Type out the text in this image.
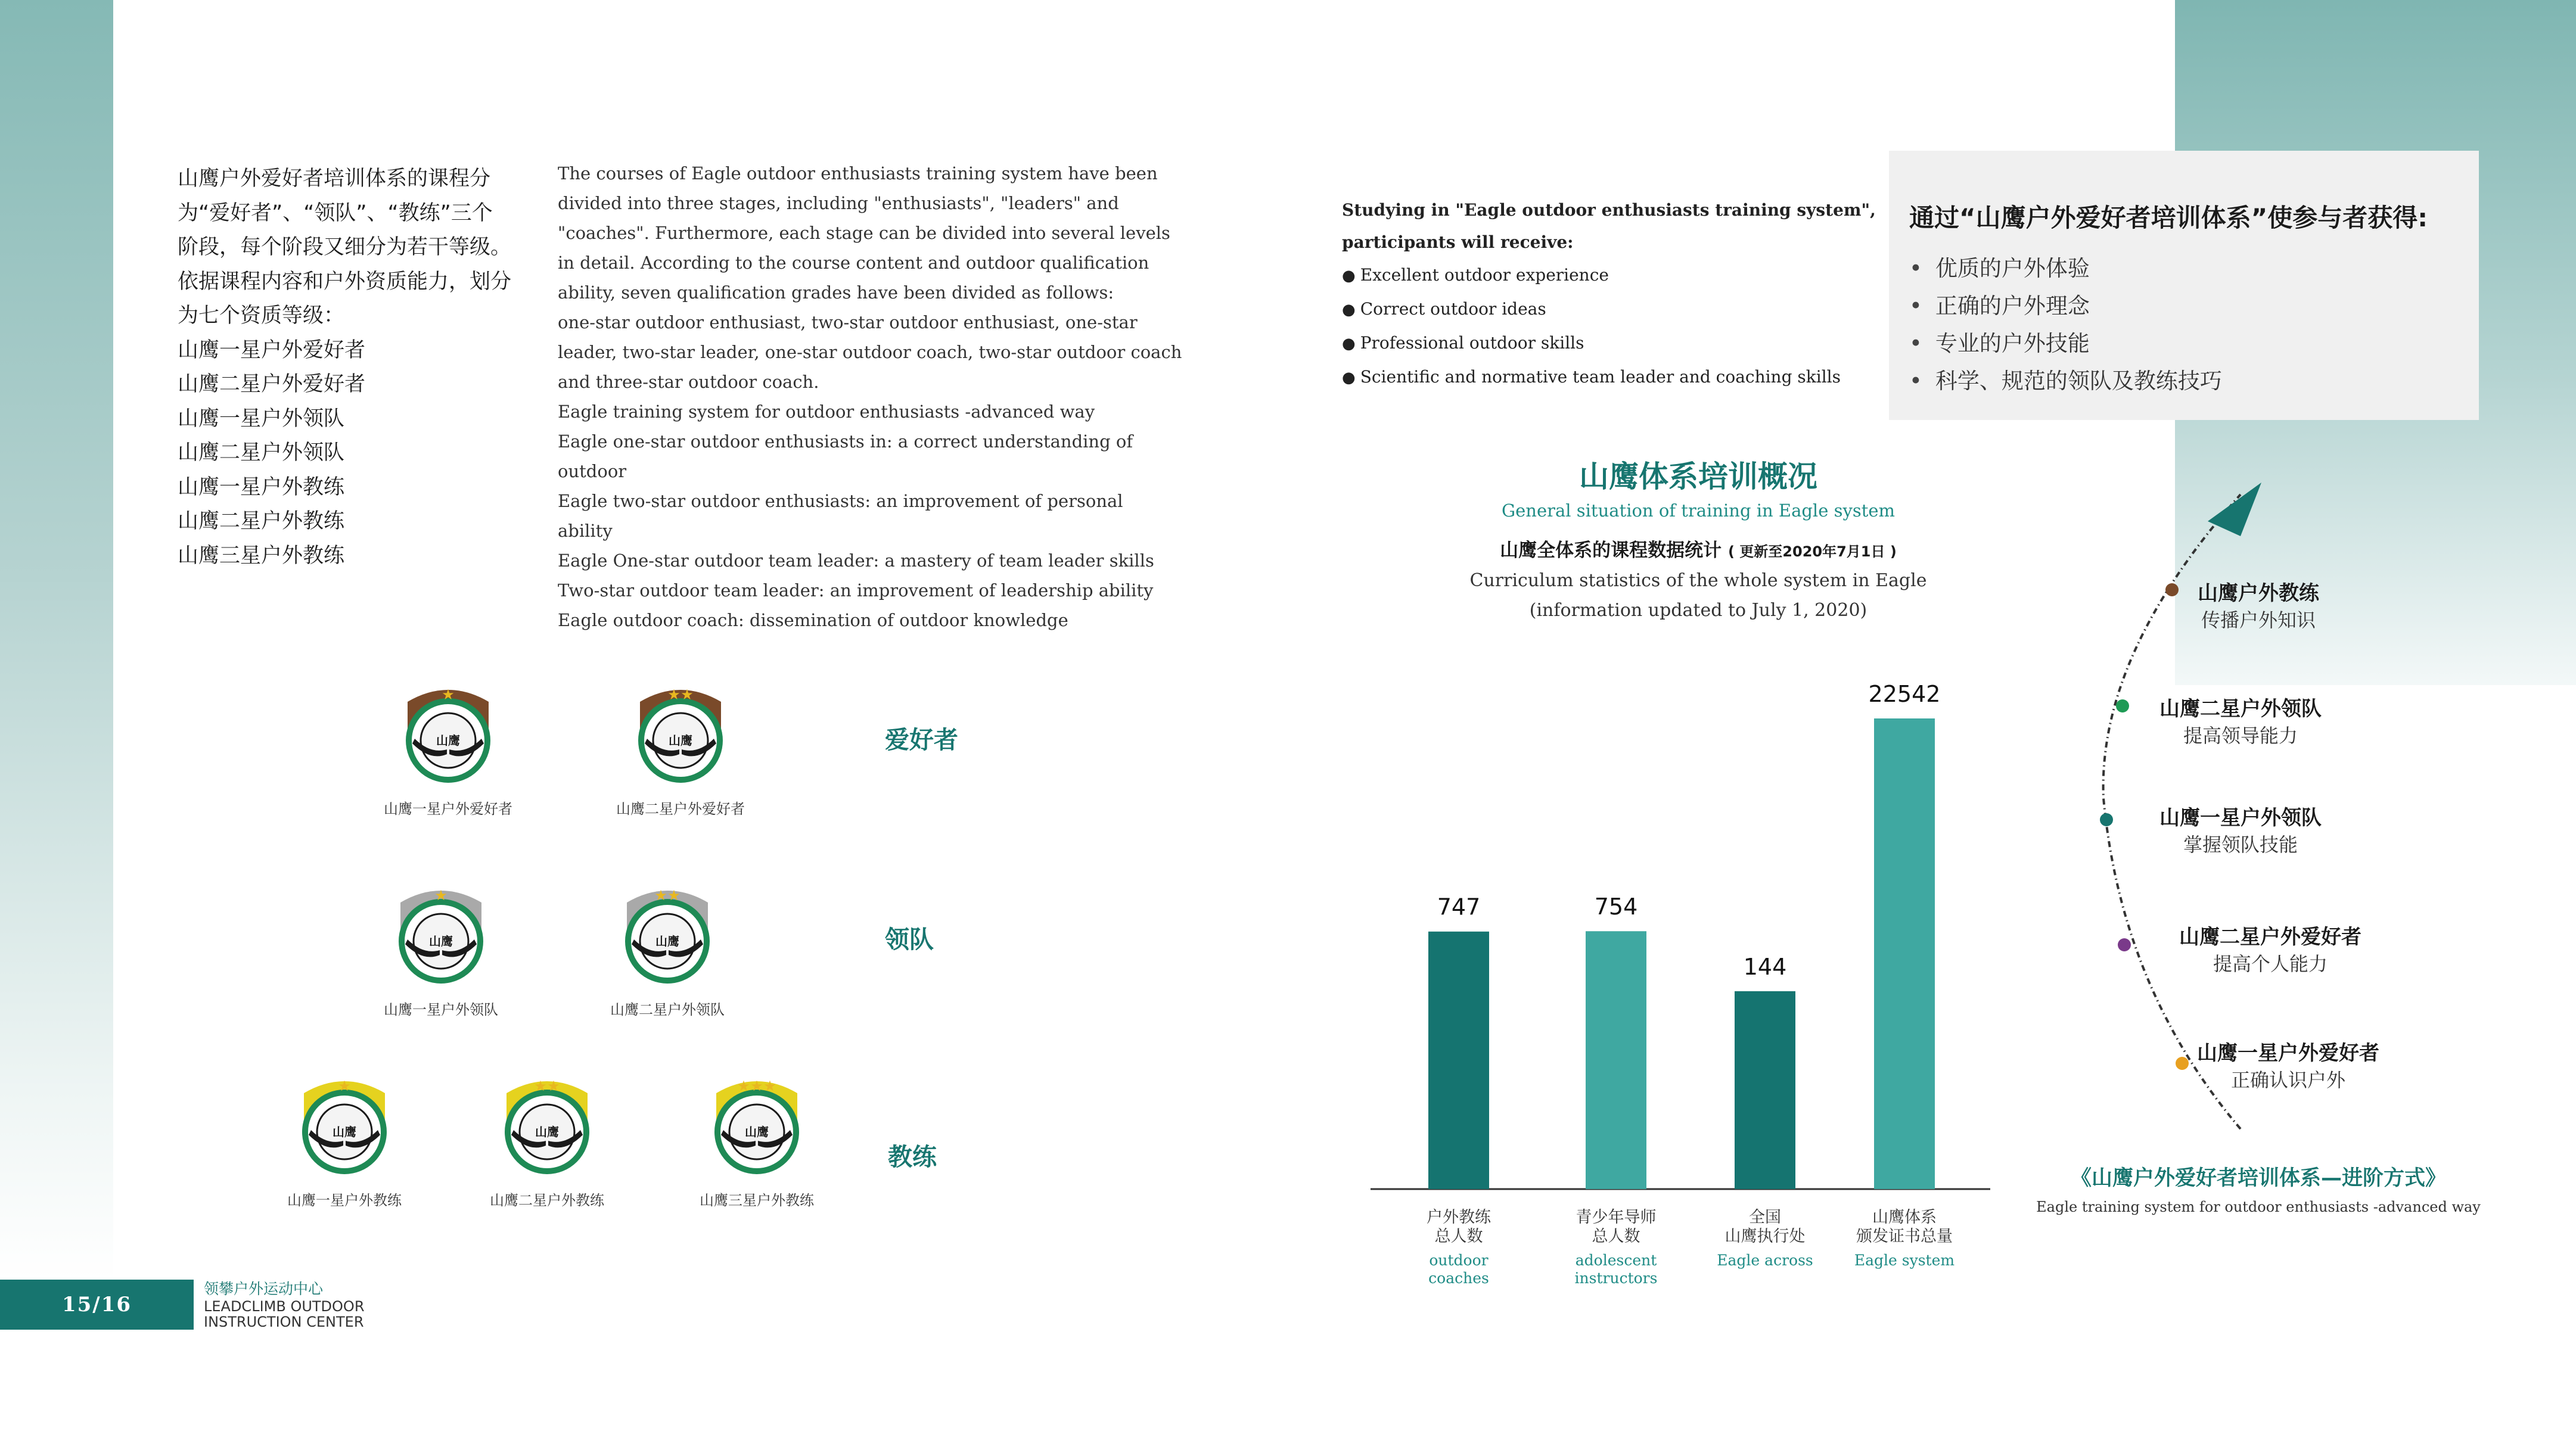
山鹰户外爱好者培训体系的课程分为“爱好者”、“领队”、“教练”三个阶段，每个阶段又细分为若干等级。依据课程内容和户外资质能力，划分为七个资质等级：

山鹰一星户外爱好者
山鹰二星户外爱好者
山鹰一星户外领队
山鹰二星户外领队
山鹰一星户外教练
山鹰二星户外教练
山鹰三星户外教练
The courses of Eagle outdoor enthusiasts training system have been
divided into three stages, including "enthusiasts", "leaders" and
"coaches". Furthermore, each stage can be divided into several levels
in detail. According to the course content and outdoor qualification
ability, seven qualification grades have been divided as follows:
one-star outdoor enthusiast, two-star outdoor enthusiast, one-star
leader, two-star leader, one-star outdoor coach, two-star outdoor coach
and three-star outdoor coach.
Eagle training system for outdoor enthusiasts -advanced way
Eagle one-star outdoor enthusiasts in: a correct understanding of
outdoor
Eagle two-star outdoor enthusiasts: an improvement of personal
ability
Eagle One-star outdoor team leader: a mastery of team leader skills
Two-star outdoor team leader: an improvement of leadership ability
Eagle outdoor coach: dissemination of outdoor knowledge
山鹰
★
山鹰一星户外爱好者
山鹰
★ ★
山鹰二星户外爱好者
爱好者
山鹰
★
山鹰一星户外领队
山鹰
★ ★
山鹰二星户外领队
领队
山鹰
★
山鹰一星户外教练
山鹰
★ ★
山鹰二星户外教练
山鹰
★ ★ ★
山鹰三星户外教练
教练
Studying in "Eagle outdoor enthusiasts training system",
participants will receive:
● Excellent outdoor experience
● Correct outdoor ideas
● Professional outdoor skills
● Scientific and normative team leader and coaching skills
通过“山鹰户外爱好者培训体系”使参与者获得:
• 优质的户外体验
• 正确的户外理念
• 专业的户外技能
• 科学、规范的领队及教练技巧
山鹰体系培训概况
General situation of training in Eagle system
山鹰全体系的课程数据统计 ( 更新至2020年7月1日 )
Curriculum statistics of the whole system in Eagle
(information updated to July 1, 2020)
747
户外教练
总人数
outdoor
coaches
754
青少年导师
总人数
adolescent
instructors
144
全国
山鹰执行处
Eagle across
22542
山鹰体系
颁发证书总量
Eagle system
山鹰户外教练
传播户外知识
山鹰二星户外领队
提高领导能力
山鹰一星户外领队
掌握领队技能
山鹰二星户外爱好者
提高个人能力
山鹰一星户外爱好者
正确认识户外
《山鹰户外爱好者培训体系—进阶方式》
Eagle training system for outdoor enthusiasts -advanced way
15/16
领攀户外运动中心
LEADCLIMB OUTDOOR
INSTRUCTION CENTER
